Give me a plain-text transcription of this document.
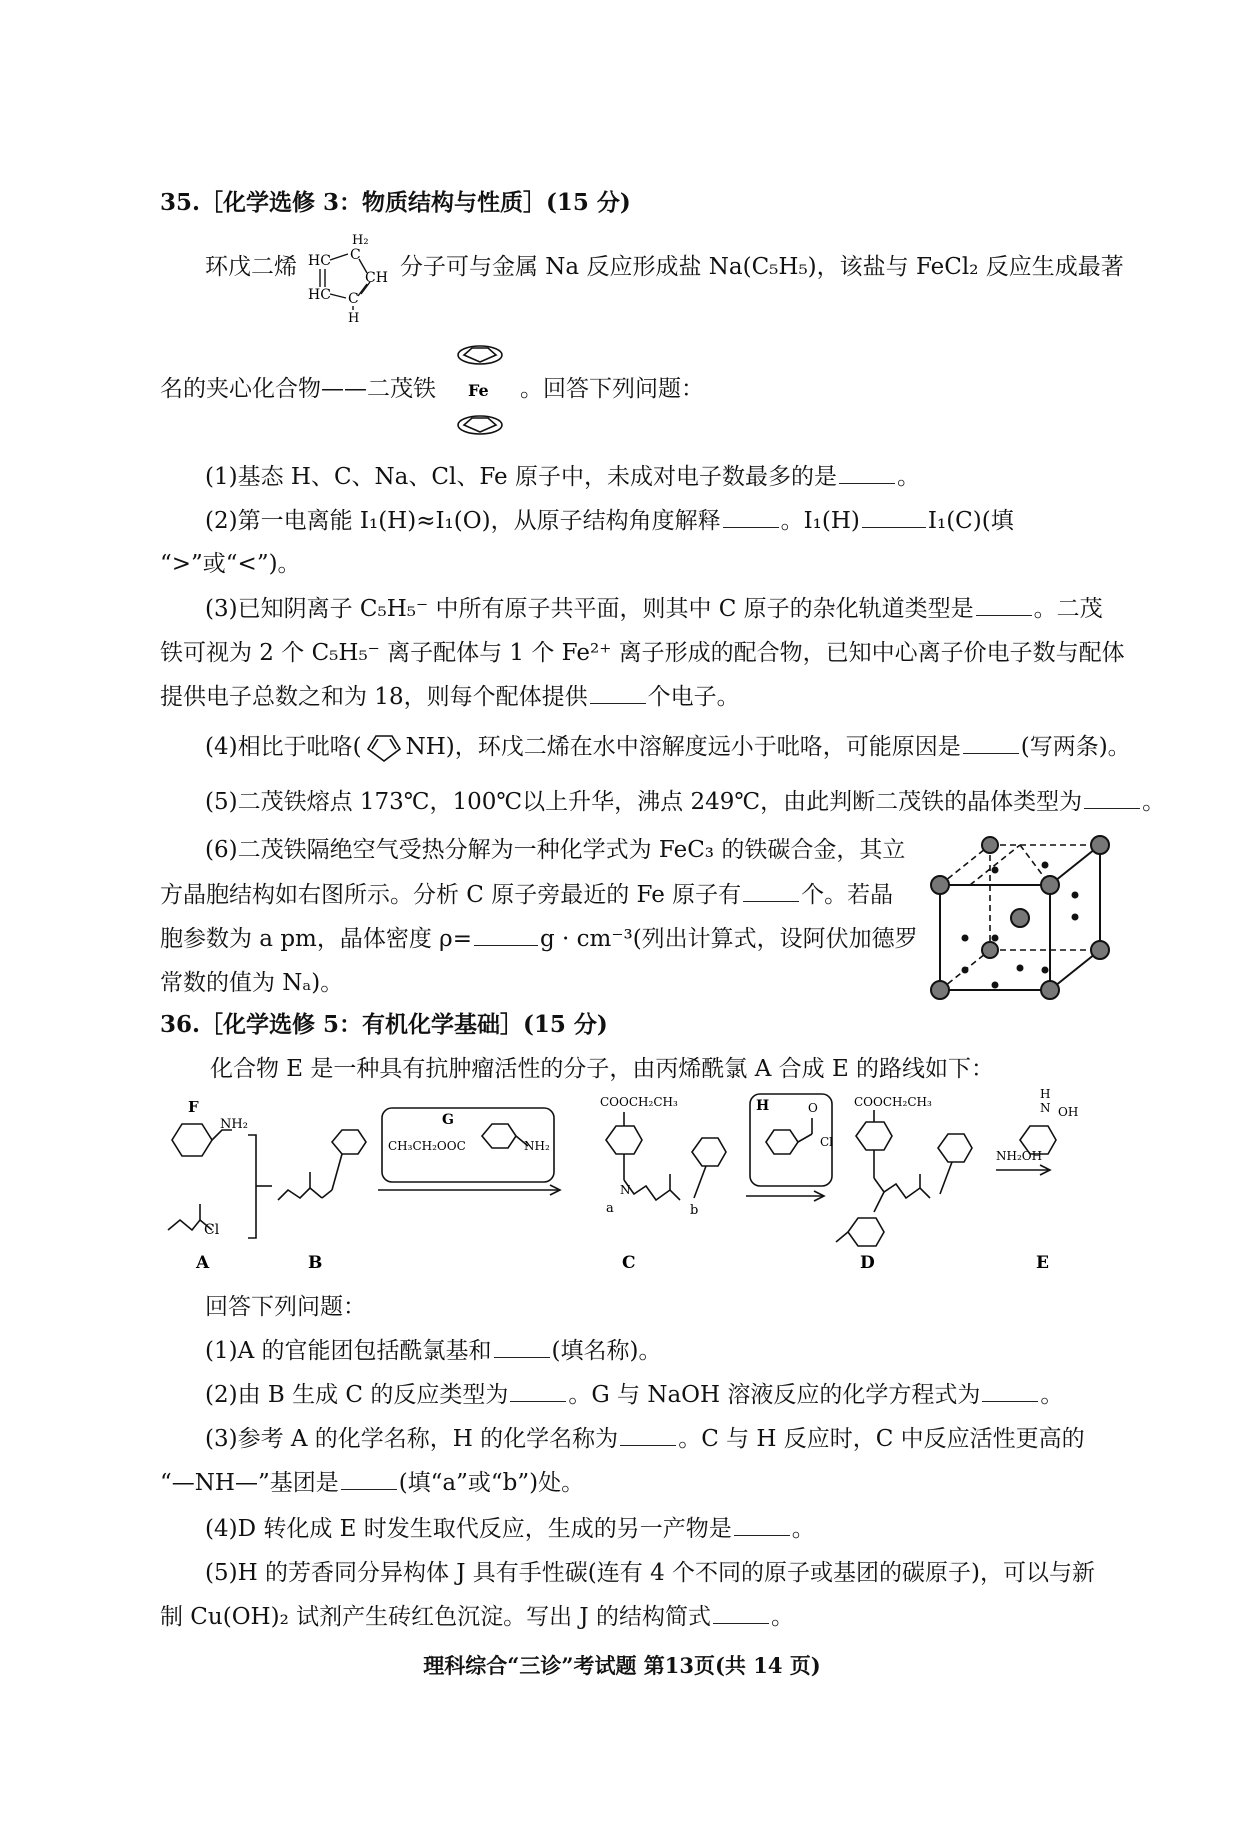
35.［化学选修 3：物质结构与性质］(15 分)
环戊二烯
H₂
HC C
CH
HC C
H
分子可与金属 Na 反应形成盐 Na(C₅H₅)，该盐与 FeCl₂ 反应生成最著
名的夹心化合物——二茂铁 Fe 。回答下列问题：
(1)基态 H、C、Na、Cl、Fe 原子中，未成对电子数最多的是	。
(2)第一电离能 I₁(H)≈I₁(O)，从原子结构角度解释	。I₁(H)	I₁(C)(填
“>”或“<”)。
(3)已知阴离子 C₅H₅⁻ 中所有原子共平面，则其中 C 原子的杂化轨道类型是	。二茂
铁可视为 2 个 C₅H₅⁻ 离子配体与 1 个 Fe²⁺ 离子形成的配合物，已知中心离子价电子数与配体
提供电子总数之和为 18，则每个配体提供	个电子。
(4)相比于吡咯( NH)，环戊二烯在水中溶解度远小于吡咯，可能原因是	(写两条)。
(5)二茂铁熔点 173℃，100℃以上升华，沸点 249℃，由此判断二茂铁的晶体类型为	。
(6)二茂铁隔绝空气受热分解为一种化学式为 FeC₃ 的铁碳合金，其立
方晶胞结构如右图所示。分析 C 原子旁最近的 Fe 原子有	个。若晶
胞参数为 a pm，晶体密度 ρ=	g · cm⁻³(列出计算式，设阿伏加德罗
常数的值为 Nₐ)。
36.［化学选修 5：有机化学基础］(15 分)
化合物 E 是一种具有抗肿瘤活性的分子，由丙烯酰氯 A 合成 E 的路线如下：
F
NH₂
Cl
G
CH₃CH₂OOC	NH₂
COOCH₂CH₃
N
a	b
H	O
Cl
COOCH₂CH₃
NH₂OH
H
N OH
A	B	C	D	E
回答下列问题：
(1)A 的官能团包括酰氯基和	(填名称)。
(2)由 B 生成 C 的反应类型为	。G 与 NaOH 溶液反应的化学方程式为	。
(3)参考 A 的化学名称，H 的化学名称为	。C 与 H 反应时，C 中反应活性更高的
“—NH—”基团是	(填“a”或“b”)处。
(4)D 转化成 E 时发生取代反应，生成的另一产物是	。
(5)H 的芳香同分异构体 J 具有手性碳(连有 4 个不同的原子或基团的碳原子)，可以与新
制 Cu(OH)₂ 试剂产生砖红色沉淀。写出 J 的结构简式	。
理科综合“三诊”考试题 第13页(共 14 页)
